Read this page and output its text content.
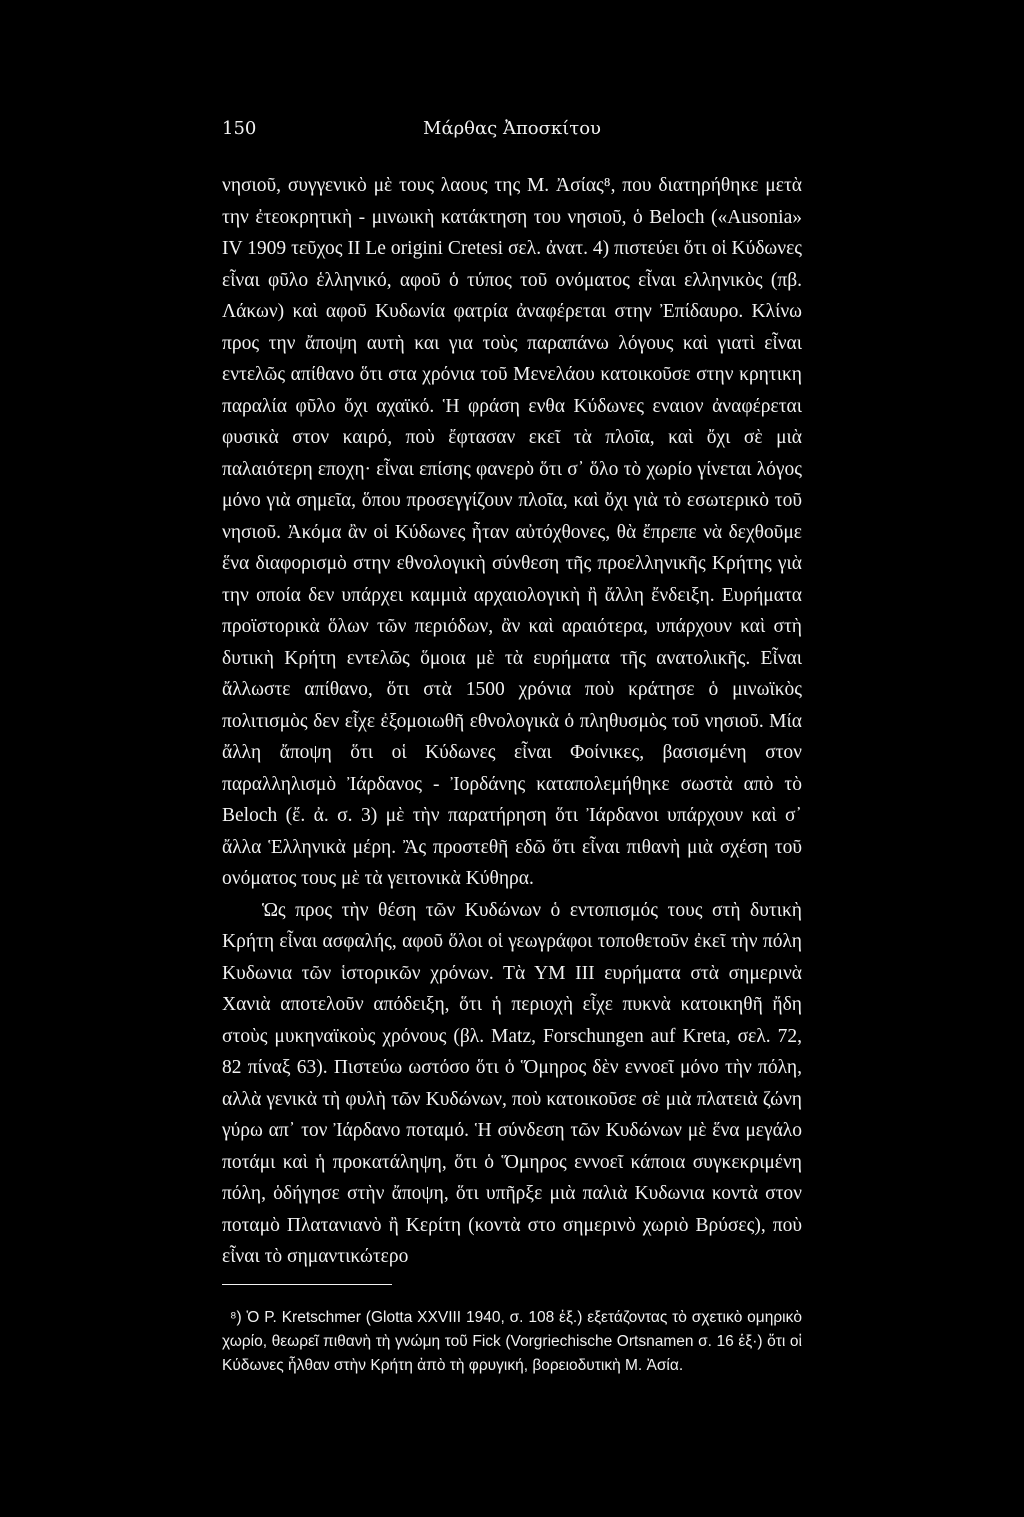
150	Μάρθας Ἀποσκίτου

νησιοῦ, συγγενικὸ μὲ τους λαους της Μ. Ἀσίας⁸, που διατηρήθηκε μετὰ την ἐτεοκρητικὴ - μινωικὴ κατάκτηση του νησιοῦ, ὁ Beloch («Ausonia» IV 1909 τεῦχος ΙΙ Le origini Cretesi σελ. ἀνατ. 4) πιστεύει ὅτι οἱ Κύδωνες εἶναι φῦλο ἑλληνικό, αφοῦ ὁ τύπος τοῦ ονόματος εἶναι ελληνικὸς (πβ. Λάκων) καὶ αφοῦ Κυδωνία φατρία ἀναφέρεται στην Ἐπίδαυρο. Κλίνω προς την ἄποψη αυτὴ και για τοὺς παραπάνω λόγους καὶ γιατὶ εἶναι εντελῶς απίθανο ὅτι στα χρόνια τοῦ Μενελάου κατοικοῦσε στην κρητικη παραλία φῦλο ὄχι αχαϊκό. Ἡ φράση ενθα Κύδωνες εναιον ἀναφέρεται φυσικὰ στον καιρό, ποὺ ἔφτασαν εκεῖ τὰ πλοῖα, καὶ ὄχι σὲ μιὰ παλαιότερη εποχη· εἶναι επίσης φανερὸ ὅτι σ᾽ ὅλο τὸ χωρίο γίνεται λόγος μόνο γιὰ σημεῖα, ὅπου προσεγγίζουν πλοῖα, καὶ ὄχι γιὰ τὸ εσωτερικὸ τοῦ νησιοῦ. Ἀκόμα ἂν οἱ Κύδωνες ἦταν αὐτόχθονες, θὰ ἔπρεπε νὰ δεχθοῦμε ἕνα διαφορισμὸ στην εθνολογικὴ σύνθεση τῆς προελληνικῆς Κρήτης γιὰ την οποία δεν υπάρχει καμμιὰ αρχαιολογικὴ ἢ ἄλλη ἔνδειξη. Ευρήματα προϊστορικὰ ὅλων τῶν περιόδων, ἂν καὶ αραιότερα, υπάρχουν καὶ στὴ δυτικὴ Κρήτη εντελῶς ὅμοια μὲ τὰ ευρήματα τῆς ανατολικῆς. Εἶναι ἄλλωστε απίθανο, ὅτι στὰ 1500 χρόνια ποὺ κράτησε ὁ μινωϊκὸς πολιτισμὸς δεν εἶχε ἐξομοιωθῆ εθνολογικὰ ὁ πληθυσμὸς τοῦ νησιοῦ. Μία ἄλλη ἄποψη ὅτι οἱ Κύδωνες εἶναι Φοίνικες, βασισμένη στον παραλληλισμὸ Ἰάρδανος - Ἰορδάνης καταπολεμήθηκε σωστὰ απὸ τὸ Beloch (ἔ. ἀ. σ. 3) μὲ τὴν παρατήρηση ὅτι Ἰάρδανοι υπάρχουν καὶ σ᾽ ἄλλα Ἑλληνικὰ μέρη. Ἂς προστεθῆ εδῶ ὅτι εἶναι πιθανὴ μιὰ σχέση τοῦ ονόματος τους μὲ τὰ γειτονικὰ Κύθηρα.

Ὡς προς τὴν θέση τῶν Κυδώνων ὁ εντοπισμός τους στὴ δυτικὴ Κρήτη εἶναι ασφαλής, αφοῦ ὅλοι οἱ γεωγράφοι τοποθετοῦν ἐκεῖ τὴν πόλη Κυδωνια τῶν ἱστορικῶν χρόνων. Τὰ ΥΜ ΙΙΙ ευρήματα στὰ σημερινὰ Χανιὰ αποτελοῦν απόδειξη, ὅτι ἡ περιοχὴ εἶχε πυκνὰ κατοικηθῆ ἤδη στοὺς μυκηναϊκοὺς χρόνους (βλ. Matz, Forschungen auf Kreta, σελ. 72, 82 πίναξ 63). Πιστεύω ωστόσο ὅτι ὁ Ὅμηρος δὲν εννοεῖ μόνο τὴν πόλη, αλλὰ γενικὰ τὴ φυλὴ τῶν Κυδώνων, ποὺ κατοικοῦσε σὲ μιὰ πλατειὰ ζώνη γύρω απ᾽ τον Ἰάρδανο ποταμό. Ἡ σύνδεση τῶν Κυδώνων μὲ ἕνα μεγάλο ποτάμι καὶ ἡ προκατάληψη, ὅτι ὁ Ὅμηρος εννοεῖ κάποια συγκεκριμένη πόλη, ὁδήγησε στὴν ἄποψη, ὅτι υπῆρξε μιὰ παλιὰ Κυδωνια κοντὰ στον ποταμὸ Πλατανιανὸ ἢ Κερίτη (κοντὰ στο σημερινὸ χωριὸ Βρύσες), ποὺ εἶναι τὸ σημαντικώτερο

⁸) Ὁ P. Kretschmer (Glotta XXVIII 1940, σ. 108 ἑξ.) εξετάζοντας τὸ σχετικὸ ομηρικὸ χωρίο, θεωρεῖ πιθανὴ τὴ γνώμη τοῦ Fick (Vorgriechische Ortsnamen σ. 16 ἑξ·) ὅτι οἱ Κύδωνες ἦλθαν στὴν Κρήτη ἀπὸ τὴ φρυγική, βορειοδυτικὴ Μ. Ἀσία.
